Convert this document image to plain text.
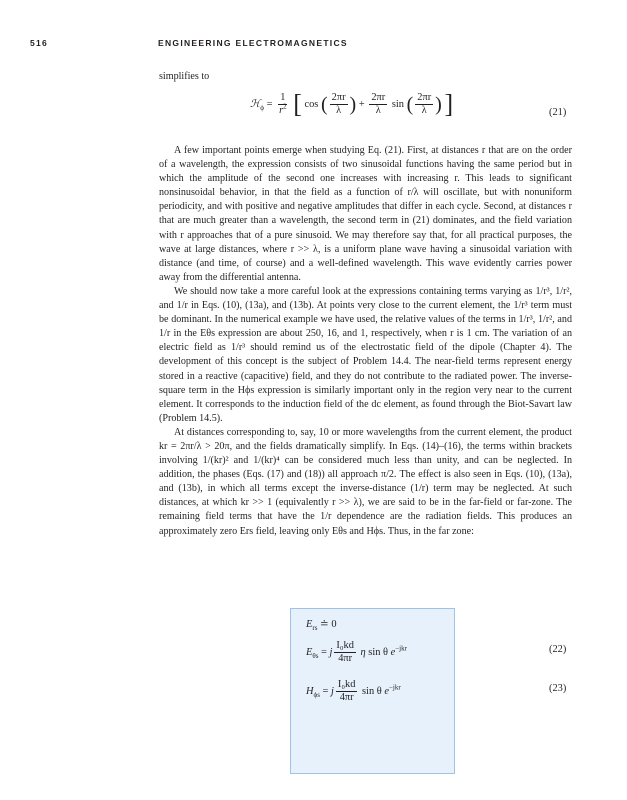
516	ENGINEERING ELECTROMAGNETICS
simplifies to
ℋ$_\phi$ = $\frac{1}{r^2}$ [ cos ( $\frac{2\pi r}{\lambda}$ ) + $\frac{2\pi r}{\lambda}$ sin ( $\frac{2\pi r}{\lambda}$ ) ]	(21)

A few important points emerge when studying Eq. (21). First, at distances r that are on the order of a wavelength, the expression consists of two sinusoidal functions having the same period but in which the amplitude of the second one increases with increasing r. This leads to significant nonsinusoidal behavior, in that the field as a function of r/λ will oscillate, but with nonuniform periodicity, and with positive and negative amplitudes that differ in each cycle. Second, at distances r that are much greater than a wavelength, the second term in (21) dominates, and the field variation with r approaches that of a pure sinusoid. We may therefore say that, for all practical purposes, the wave at large distances, where r >> λ, is a uniform plane wave having a sinusoidal variation with distance (and time, of course) and a well-defined wavelength. This wave evidently carries power away from the differential antenna.

We should now take a more careful look at the expressions containing terms varying as 1/r³, 1/r², and 1/r in Eqs. (10), (13a), and (13b). At points very close to the current element, the 1/r³ term must be dominant. In the numerical example we have used, the relative values of the terms in 1/r³, 1/r², and 1/r in the Eθs expression are about 250, 16, and 1, respectively, when r is 1 cm. The variation of an electric field as 1/r³ should remind us of the electrostatic field of the dipole (Chapter 4). The development of this concept is the subject of Problem 14.4. The near-field terms represent energy stored in a reactive (capacitive) field, and they do not contribute to the radiated power. The inverse-square term in the Hϕs expression is similarly important only in the region very near to the current element. It corresponds to the induction field of the dc element, as found through the Biot-Savart law (Problem 14.5).

At distances corresponding to, say, 10 or more wavelengths from the current element, the product kr = 2πr/λ > 20π, and the fields dramatically simplify. In Eqs. (14)–(16), the terms within brackets involving 1/(kr)² and 1/(kr)⁴ can be considered much less than unity, and can be neglected. In addition, the phases (Eqs. (17) and (18)) all approach π/2. The effect is also seen in Eqs. (10), (13a), and (13b), in which all terms except the inverse-distance (1/r) term may be neglected. At such distances, at which kr >> 1 (equivalently r >> λ), we are said to be in the far-field or far-zone. The remaining field terms that have the 1/r dependence are the radiation fields. This produces an approximately zero Ers field, leaving only Eθs and Hϕs. Thus, in the far zone:

$E_{rs}$ ≐ 0
$E_{\theta s} = j \frac{\text{I₀kd}}{4\pi r}$ η sin θ $e^{-jkr}$	(22)
$H_{\phi s} = j \frac{\text{I₀kd}}{4\pi r}$ sin θ $e^{-jkr}$	(23)
